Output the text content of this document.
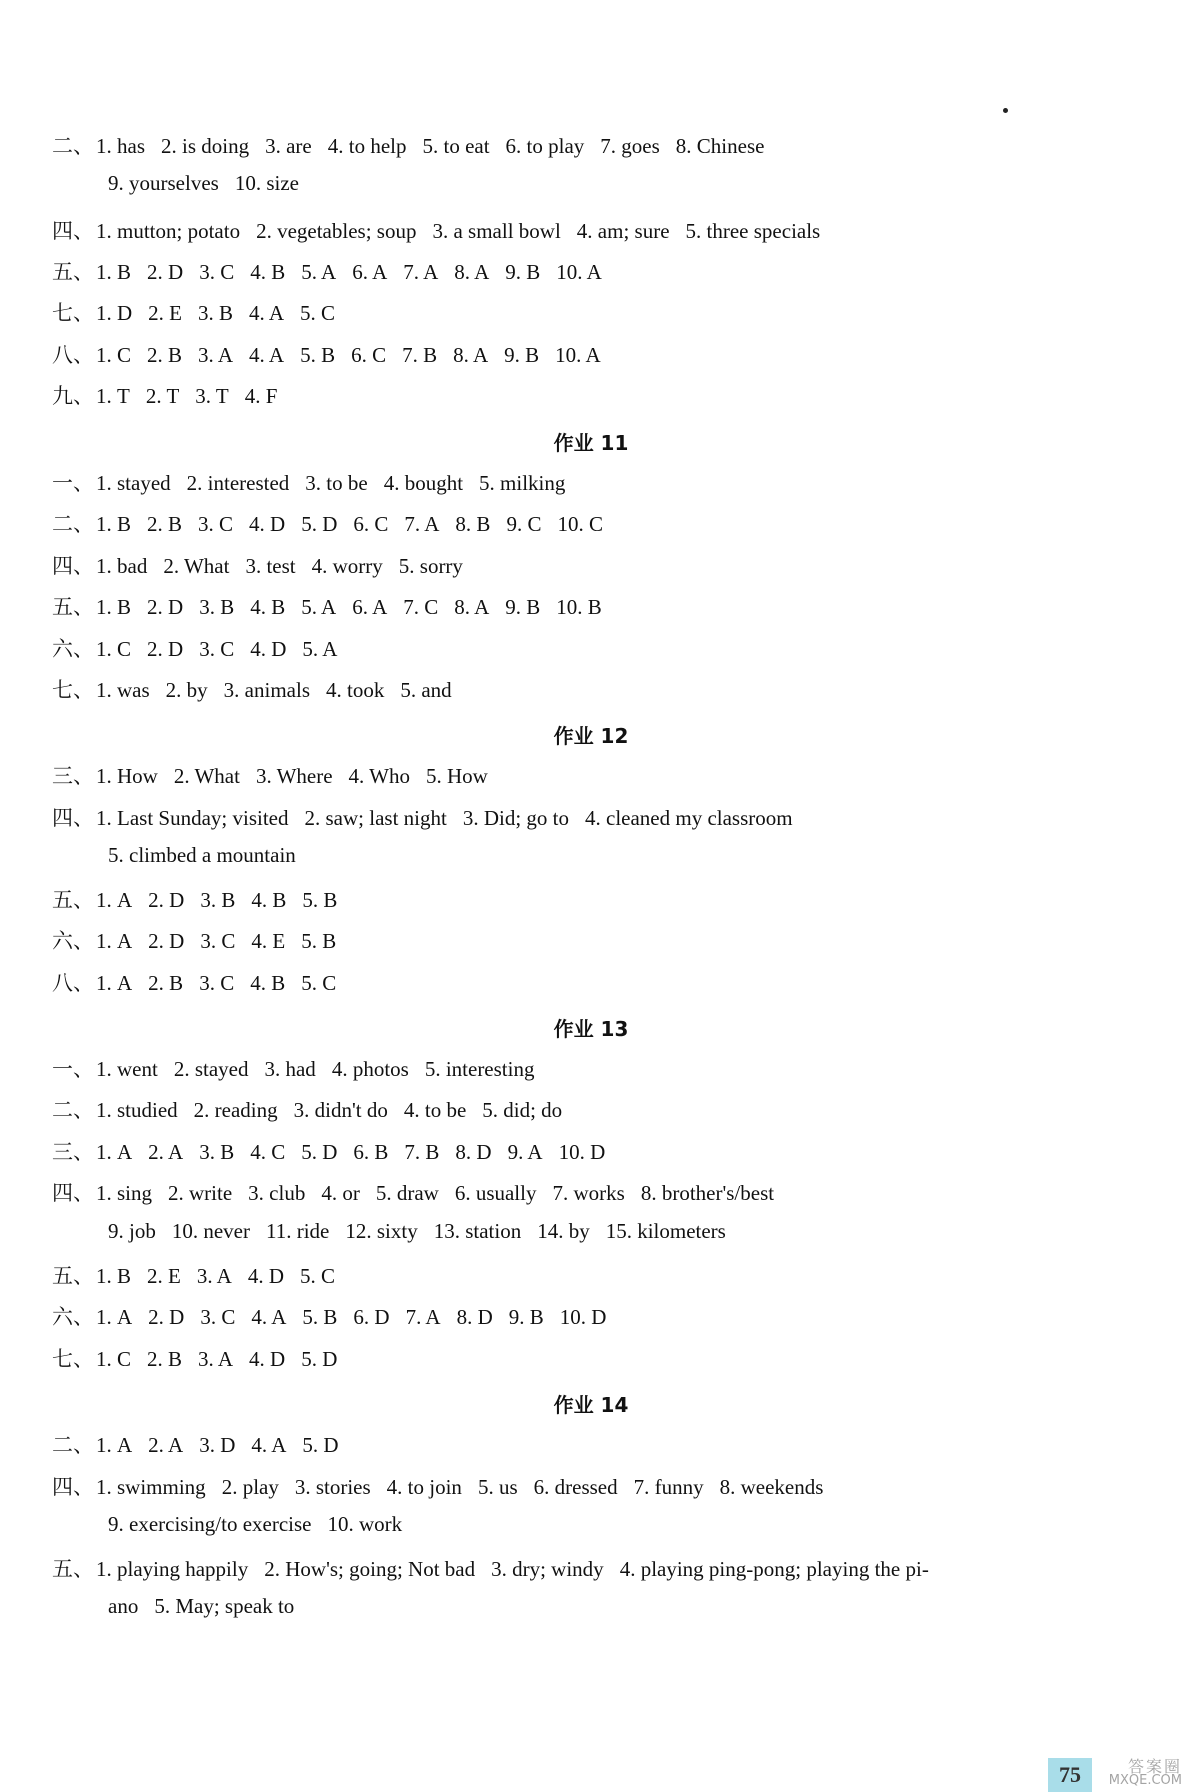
75	答案圈
MXQE.COM
二、1. has 2. is doing 3. are 4. to help 5. to eat 6. to play 7. goes 8. Chinese
9. yourselves 10. size
四、1. mutton; potato 2. vegetables; soup 3. a small bowl 4. am; sure 5. three specials
五、1. B 2. D 3. C 4. B 5. A 6. A 7. A 8. A 9. B 10. A
七、1. D 2. E 3. B 4. A 5. C
八、1. C 2. B 3. A 4. A 5. B 6. C 7. B 8. A 9. B 10. A
九、1. T 2. T 3. T 4. F
作业 11
一、1. stayed 2. interested 3. to be 4. bought 5. milking
二、1. B 2. B 3. C 4. D 5. D 6. C 7. A 8. B 9. C 10. C
四、1. bad 2. What 3. test 4. worry 5. sorry
五、1. B 2. D 3. B 4. B 5. A 6. A 7. C 8. A 9. B 10. B
六、1. C 2. D 3. C 4. D 5. A
七、1. was 2. by 3. animals 4. took 5. and
作业 12
三、1. How 2. What 3. Where 4. Who 5. How
四、1. Last Sunday; visited 2. saw; last night 3. Did; go to 4. cleaned my classroom
5. climbed a mountain
五、1. A 2. D 3. B 4. B 5. B
六、1. A 2. D 3. C 4. E 5. B
八、1. A 2. B 3. C 4. B 5. C
作业 13
一、1. went 2. stayed 3. had 4. photos 5. interesting
二、1. studied 2. reading 3. didn't do 4. to be 5. did; do
三、1. A 2. A 3. B 4. C 5. D 6. B 7. B 8. D 9. A 10. D
四、1. sing 2. write 3. club 4. or 5. draw 6. usually 7. works 8. brother's/best
9. job 10. never 11. ride 12. sixty 13. station 14. by 15. kilometers
五、1. B 2. E 3. A 4. D 5. C
六、1. A 2. D 3. C 4. A 5. B 6. D 7. A 8. D 9. B 10. D
七、1. C 2. B 3. A 4. D 5. D
作业 14
二、1. A 2. A 3. D 4. A 5. D
四、1. swimming 2. play 3. stories 4. to join 5. us 6. dressed 7. funny 8. weekends
9. exercising/to exercise 10. work
五、1. playing happily 2. How's; going; Not bad 3. dry; windy 4. playing ping-pong; playing the pi-
ano 5. May; speak to
